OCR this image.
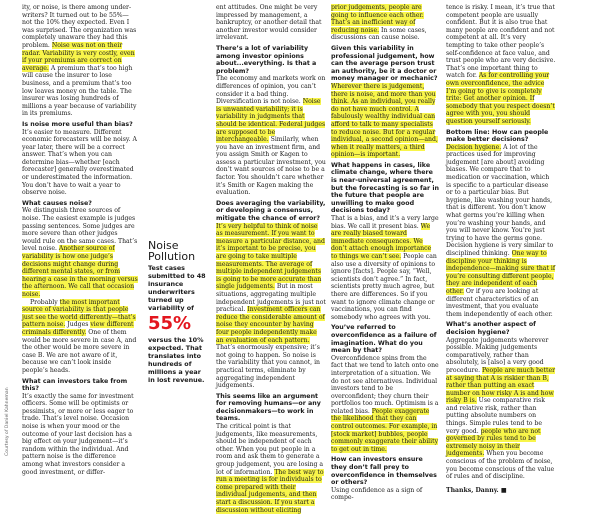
ity, or noise, is there among under-writers? It turned out to be 55%—not the 10% they expected. Even I was surprised. The organization was completely unaware they had this problem. Noise was not on their radar. Variability is very costly, even if your premiums are correct on average. A premium that’s too high will cause the insurer to lose business, and a premium that’s too low leaves money on the table. The insurer was losing hundreds of millions a year because of variability in its premiums.

Is noise more useful than bias?

It’s easier to measure. Different economic forecasters will be noisy. A year later, there will be a correct answer. That’s when you can determine bias—whether [each forecaster] generally overestimated or underestimated the information. You don’t have to wait a year to observe noise.

What causes noise?

We distinguish three sources of noise. The easiest example is judges passing sentences. Some judges are more severe than other judges would rule on the same cases. That’s level noise. Another source of variability is how one judge’s decisions might change during different mental states, or from hearing a case in the morning versus the afternoon. We call that occasion noise.

Probably the most important source of variability is that people just see the world differently—that’s pattern noise. Judges view different criminals differently. One of them would be more severe in case A, and the other would be more severe in case B. We are not aware of it, because we can’t look inside people’s heads.

What can investors take from this?

It’s exactly the same for investment officers. Some will be optimists or pessimists, or more or less eager to trade. That’s level noise. Occasion noise is when your mood or the outcome of your last decision has a big effect on your judgement—it’s random within the individual. And pattern noise is the difference among what investors consider a good investment, or differ-

ent attitudes. One might be very impressed by management, a bankruptcy, or another detail that another investor would consider irrelevant.

There’s a lot of variability among investor opinions about...everything. Is that a problem?

The economy and markets work on differences of opinion, you can’t consider it a bad thing. Diversification is not noise. Noise is unwanted variability; it is variability in judgments that should be identical. Federal judges are supposed to be interchangeable. Similarly, when you have an investment firm, and you assign Smith or Kagen to assess a particular investment, you don’t want sources of noise to be a factor. You shouldn’t care whether it’s Smith or Kagen making the evaluation.

Does averaging the variability, or developing a consensus, mitigate the chance of error?

It’s very helpful to think of noise as measurement. If you want to measure a particular distance, and it’s important to be precise, you are going to take multiple measurements. The average of multiple independent judgements is going to be more accurate than single judgements. But in most situations, aggregating multiple independent judgements is just not practical. Investment officers can reduce the considerable amount of noise they encounter by having four people independently make an evaluation of each pattern. That’s enormously expensive; it’s not going to happen. So noise is the variability that you cannot, in practical terms, eliminate by aggregating independent judgements.

This seems like an argument for removing humans—or any decisionmakers—to work in teams.

The critical point is that judgements, like measurements, should be independent of each other. When you put people in a room and ask them to generate a group judgement, you are losing a lot of information. The best way to run a meeting is for individuals to come prepared with their individual judgements, and then start a discussion. If you start a discussion without eliciting

prior judgements, people are going to influence each other. That’s an inefficient way of reducing noise. In some cases, discussions can cause noise.

Given this variability in professional judgement, how can the average person trust an authority, be it a doctor or money manager or mechanic?

Wherever there is judgement, there is noise, and more than you think. As an individual, you really do not have much control. A fabulously wealthy individual can afford to talk to many specialists to reduce noise. But for a regular individual, a second opinion—and, when it really matters, a third opinion—is important.

What happens in cases, like climate change, where there is near-universal agreement, but the forecasting is so far in the future that people are unwilling to make good decisions today?

That is a bias, and it’s a very large bias. We call it present bias. We are really biased toward immediate consequences. We don’t attach enough importance to things we can’t see. People can also use a diversity of opinions to ignore [facts]. People say, “Well, scientists don’t agree.” In fact, scientists pretty much agree, but there are differences. So if you want to ignore climate change or vaccinations, you can find somebody who agrees with you.

You’ve referred to overconfidence as a failure of imagination. What do you mean by that?

Overconfidence spins from the fact that we tend to latch onto one interpretation of a situation. We do not see alternatives. Individual investors tend to be overconfident; they churn their portfolios too much. Optimism is a related bias. People exaggerate the likelihood that they can control outcomes. For example, in [stock market] bubbles, people commonly exaggerate their ability to get out in time.

How can investors ensure they don’t fall prey to overconfidence in themselves or others?

Using confidence as a sign of compe-

tence is risky. I mean, it’s true that competent people are usually confident. But it is also true that many people are confident and not competent at all. It’s very tempting to take other people’s self-confidence at face value, and trust people who are very decisive. That’s one important thing to watch for. As for controlling your own overconfidence, the advice I’m going to give is completely trite: Get another opinion. If somebody that you respect doesn’t agree with you, you should question yourself seriously.

Bottom line: How can people make better decisions?

Decision hygiene. A lot of the practices used for improving judgement [are about] avoiding biases. We compare that to medication or vaccination, which is specific to a particular disease or to a particular bias. But hygiene, like washing your hands, that is different. You don’t know what germs you’re killing when you’re washing your hands, and you will never know. You’re just trying to have the germs gone. Decision hygiene is very similar to disciplined thinking. One way to discipline your thinking is independence—making sure that if you’re consulting different people, they are independent of each other. Or if you are looking at different characteristics of an investment, that you evaluate them independently of each other.

What’s another aspect of decision hygiene?

Aggregate judgements wherever possible. Making judgements comparatively, rather than absolutely, is [also] a very good procedure. People are much better at saying that A is riskier than B, rather than putting an exact number on how risky A is and how risky B is. Use comparative risk and relative risk, rather than putting absolute numbers on things. Simple rules tend to be very good. people who are not governed by rules tend to be extremely noisy in their judgements. When you become conscious of the problem of noise, you become conscious of the value of rules and of discipline.

Thanks, Danny. ■

Noise

Pollution

Test cases submitted to 48 insurance underwriters turned up variability of

55%

versus the 10% expected. That translates into hundreds of millions a year in lost revenue.

Courtesy of Daniel Kahneman
